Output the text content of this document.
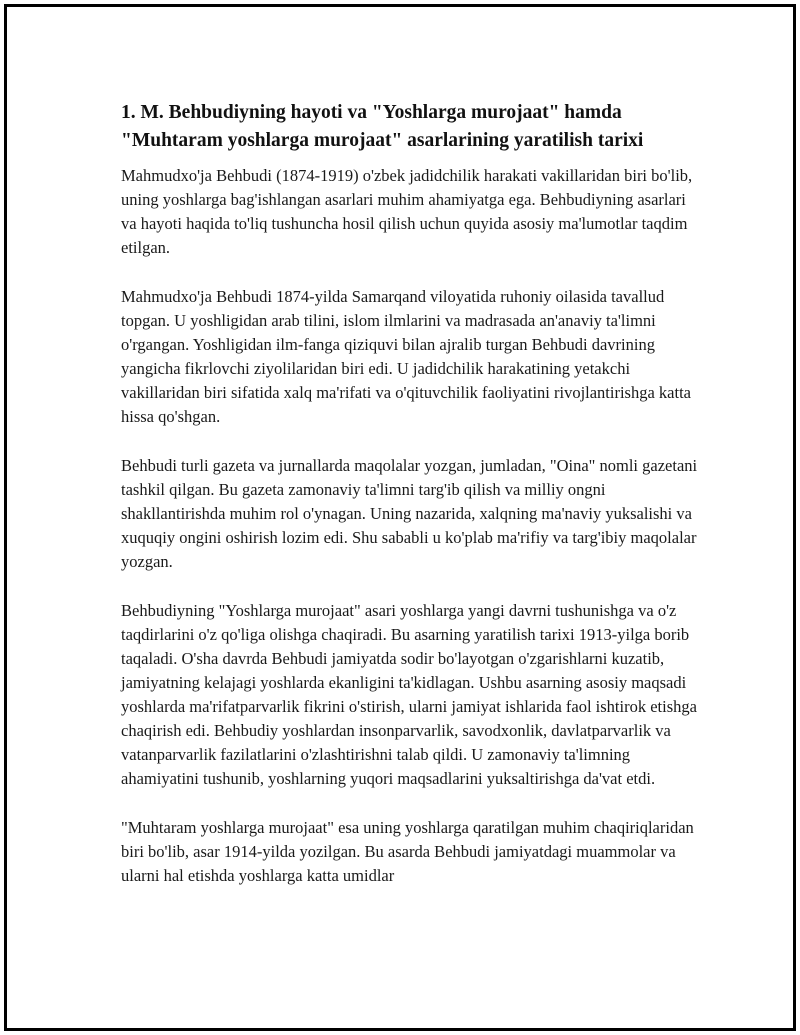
1. M. Behbudiyning hayoti va "Yoshlarga murojaat" hamda "Muhtaram yoshlarga murojaat" asarlarining yaratilish tarixi

Mahmudxo'ja Behbudi (1874-1919) o'zbek jadidchilik harakati vakillaridan biri bo'lib, uning yoshlarga bag'ishlangan asarlari muhim ahamiyatga ega. Behbudiyning asarlari va hayoti haqida to'liq tushuncha hosil qilish uchun quyida asosiy ma'lumotlar taqdim etilgan.

Mahmudxo'ja Behbudi 1874-yilda Samarqand viloyatida ruhoniy oilasida tavallud topgan. U yoshligidan arab tilini, islom ilmlarini va madrasada an'anaviy ta'limni o'rgangan. Yoshligidan ilm-fanga qiziquvi bilan ajralib turgan Behbudi davrining yangicha fikrlovchi ziyolilaridan biri edi. U jadidchilik harakatining yetakchi vakillaridan biri sifatida xalq ma'rifati va o'qituvchilik faoliyatini rivojlantirishga katta hissa qo'shgan.

Behbudi turli gazeta va jurnallarda maqolalar yozgan, jumladan, "Oina" nomli gazetani tashkil qilgan. Bu gazeta zamonaviy ta'limni targ'ib qilish va milliy ongni shakllantirishda muhim rol o'ynagan. Uning nazarida, xalqning ma'naviy yuksalishi va xuquqiy ongini oshirish lozim edi. Shu sababli u ko'plab ma'rifiy va targ'ibiy maqolalar yozgan.

Behbudiyning "Yoshlarga murojaat" asari yoshlarga yangi davrni tushunishga va o'z taqdirlarini o'z qo'liga olishga chaqiradi. Bu asarning yaratilish tarixi 1913-yilga borib taqaladi. O'sha davrda Behbudi jamiyatda sodir bo'layotgan o'zgarishlarni kuzatib, jamiyatning kelajagi yoshlarda ekanligini ta'kidlagan. Ushbu asarning asosiy maqsadi yoshlarda ma'rifatparvarlik fikrini o'stirish, ularni jamiyat ishlarida faol ishtirok etishga chaqirish edi. Behbudiy yoshlardan insonparvarlik, savodxonlik, davlatparvarlik va vatanparvarlik fazilatlarini o'zlashtirishni talab qildi. U zamonaviy ta'limning ahamiyatini tushunib, yoshlarning yuqori maqsadlarini yuksaltirishga da'vat etdi.

"Muhtaram yoshlarga murojaat" esa uning yoshlarga qaratilgan muhim chaqiriqlaridan biri bo'lib, asar 1914-yilda yozilgan. Bu asarda Behbudi jamiyatdagi muammolar va ularni hal etishda yoshlarga katta umidlar
